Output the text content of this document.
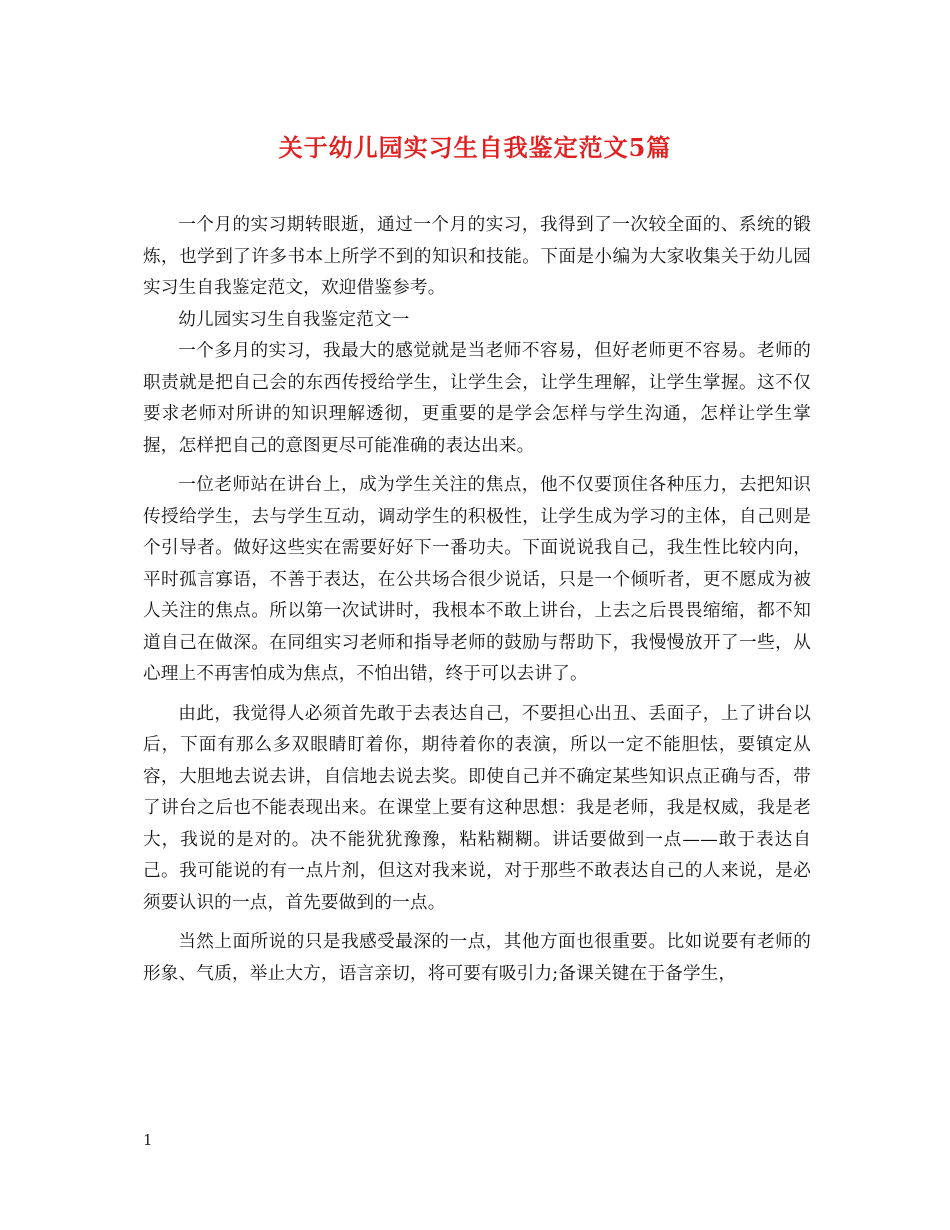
关于幼儿园实习生自我鉴定范文5篇

一个月的实习期转眼逝，通过一个月的实习，我得到了一次较全面的、系统的锻炼，也学到了许多书本上所学不到的知识和技能。下面是小编为大家收集关于幼儿园实习生自我鉴定范文，欢迎借鉴参考。

幼儿园实习生自我鉴定范文一

一个多月的实习，我最大的感觉就是当老师不容易，但好老师更不容易。老师的职责就是把自己会的东西传授给学生，让学生会，让学生理解，让学生掌握。这不仅要求老师对所讲的知识理解透彻，更重要的是学会怎样与学生沟通，怎样让学生掌握，怎样把自己的意图更尽可能准确的表达出来。

一位老师站在讲台上，成为学生关注的焦点，他不仅要顶住各种压力，去把知识传授给学生，去与学生互动，调动学生的积极性，让学生成为学习的主体，自己则是个引导者。做好这些实在需要好好下一番功夫。下面说说我自己，我生性比较内向，平时孤言寡语，不善于表达，在公共场合很少说话，只是一个倾听者，更不愿成为被人关注的焦点。所以第一次试讲时，我根本不敢上讲台，上去之后畏畏缩缩，都不知道自己在做深。在同组实习老师和指导老师的鼓励与帮助下，我慢慢放开了一些，从心理上不再害怕成为焦点，不怕出错，终于可以去讲了。

由此，我觉得人必须首先敢于去表达自己，不要担心出丑、丢面子，上了讲台以后，下面有那么多双眼睛盯着你，期待着你的表演，所以一定不能胆怯，要镇定从容，大胆地去说去讲，自信地去说去奖。即使自己并不确定某些知识点正确与否，带了讲台之后也不能表现出来。在课堂上要有这种思想：我是老师，我是权威，我是老大，我说的是对的。决不能犹犹豫豫，粘粘糊糊。讲话要做到一点——敢于表达自己。我可能说的有一点片剂，但这对我来说，对于那些不敢表达自己的人来说，是必须要认识的一点，首先要做到的一点。

当然上面所说的只是我感受最深的一点，其他方面也很重要。比如说要有老师的形象、气质，举止大方，语言亲切，将可要有吸引力;备课关键在于备学生，

1
